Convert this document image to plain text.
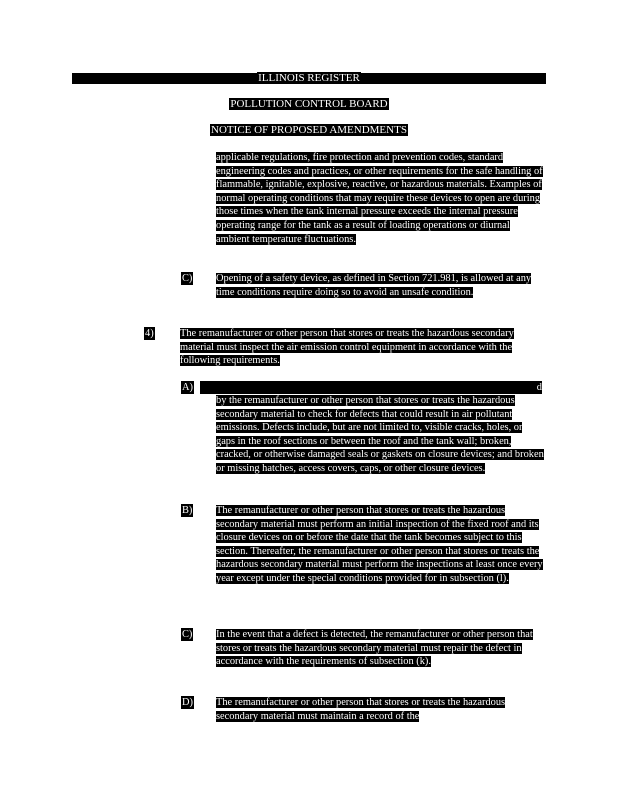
ILLINOIS REGISTER
POLLUTION CONTROL BOARD
NOTICE OF PROPOSED AMENDMENTS
applicable regulations, fire protection and prevention codes, standard engineering codes and practices, or other requirements for the safe handling of flammable, ignitable, explosive, reactive, or hazardous materials. Examples of normal operating conditions that may require these devices to open are during those times when the tank internal pressure exceeds the internal pressure operating range for the tank as a result of loading operations or diurnal ambient temperature fluctuations.
C) Opening of a safety device, as defined in Section 721.981, is allowed at any time conditions require doing so to avoid an unsafe condition.
4)	The remanufacturer or other person that stores or treats the hazardous secondary material must inspect the air emission control equipment in accordance with the following requirements.
A)	d
by the remanufacturer or other person that stores or treats the hazardous secondary material to check for defects that could result in air pollutant emissions. Defects include, but are not limited to, visible cracks, holes, or gaps in the roof sections or between the roof and the tank wall; broken, cracked, or otherwise damaged seals or gaskets on closure devices; and broken or missing hatches, access covers, caps, or other closure devices.
B) The remanufacturer or other person that stores or treats the hazardous secondary material must perform an initial inspection of the fixed roof and its closure devices on or before the date that the tank becomes subject to this section. Thereafter, the remanufacturer or other person that stores or treats the hazardous secondary material must perform the inspections at least once every year except under the special conditions provided for in subsection (l).
C) In the event that a defect is detected, the remanufacturer or other person that stores or treats the hazardous secondary material must repair the defect in accordance with the requirements of subsection (k).
D) The remanufacturer or other person that stores or treats the hazardous secondary material must maintain a record of the
